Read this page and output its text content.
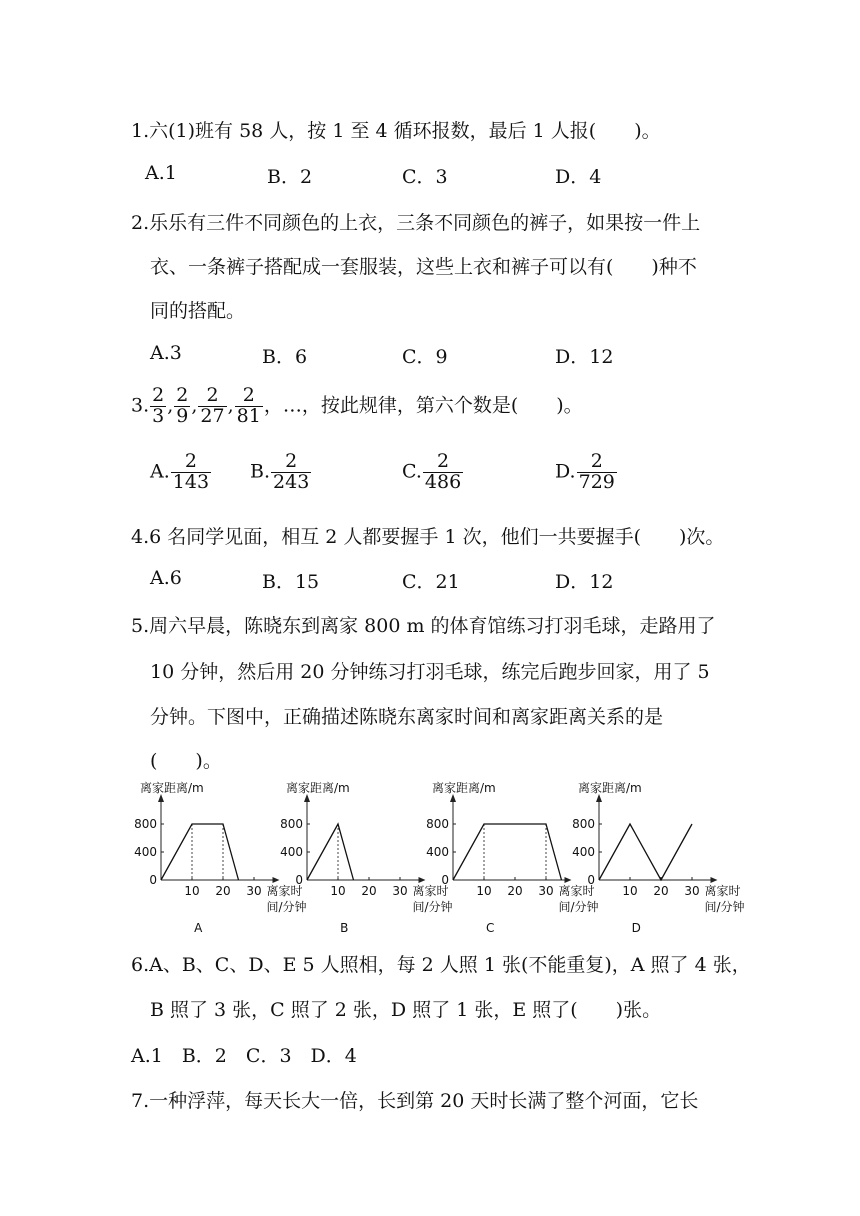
1.六(1)班有 58 人，按 1 至 4 循环报数，最后 1 人报(　　)。
A.1	B．2	C．3	D．4
2.乐乐有三件不同颜色的上衣，三条不同颜色的裤子，如果按一件上
衣、一条裤子搭配成一套服装，这些上衣和裤子可以有(　　)种不
同的搭配。
A.3	B．6	C．9	D．12
3. $\frac{2}{3}$ , $\frac{2}{9}$ , $\frac{2}{27}$ , $\frac{2}{81}$ ，…，按此规律，第六个数是(　　)。
A. $\frac{2}{143} B$. $\frac{2}{243}$	C. $\frac{2}{486}$	D. $\frac{2}{729}$
4.6 名同学见面，相互 2 人都要握手 1 次，他们一共要握手(　　)次。
A.6	B．15	C．21	D．12
5.周六早晨，陈晓东到离家 800 m 的体育馆练习打羽毛球，走路用了
10 分钟，然后用 20 分钟练习打羽毛球，练完后跑步回家，用了 5
分钟。下图中，正确描述陈晓东离家时间和离家距离关系的是
(　　)。
离家距离/m
0
400
800
10 20 30 离家时
间/分钟
A
离家距离/m
0
400
800
10 20 30 离家时
间/分钟
B
离家距离/m
0
400
800
10 20 30 离家时
间/分钟
C
离家距离/m
0
400
800
10 20 30 离家时
间/分钟
D
6.A、B、C、D、E 5 人照相，每 2 人照 1 张(不能重复)，A 照了 4 张，
B 照了 3 张，C 照了 2 张，D 照了 1 张，E 照了(　　)张。
A.1　B．2　C．3　D．4
7.一种浮萍，每天长大一倍，长到第 20 天时长满了整个河面，它长
